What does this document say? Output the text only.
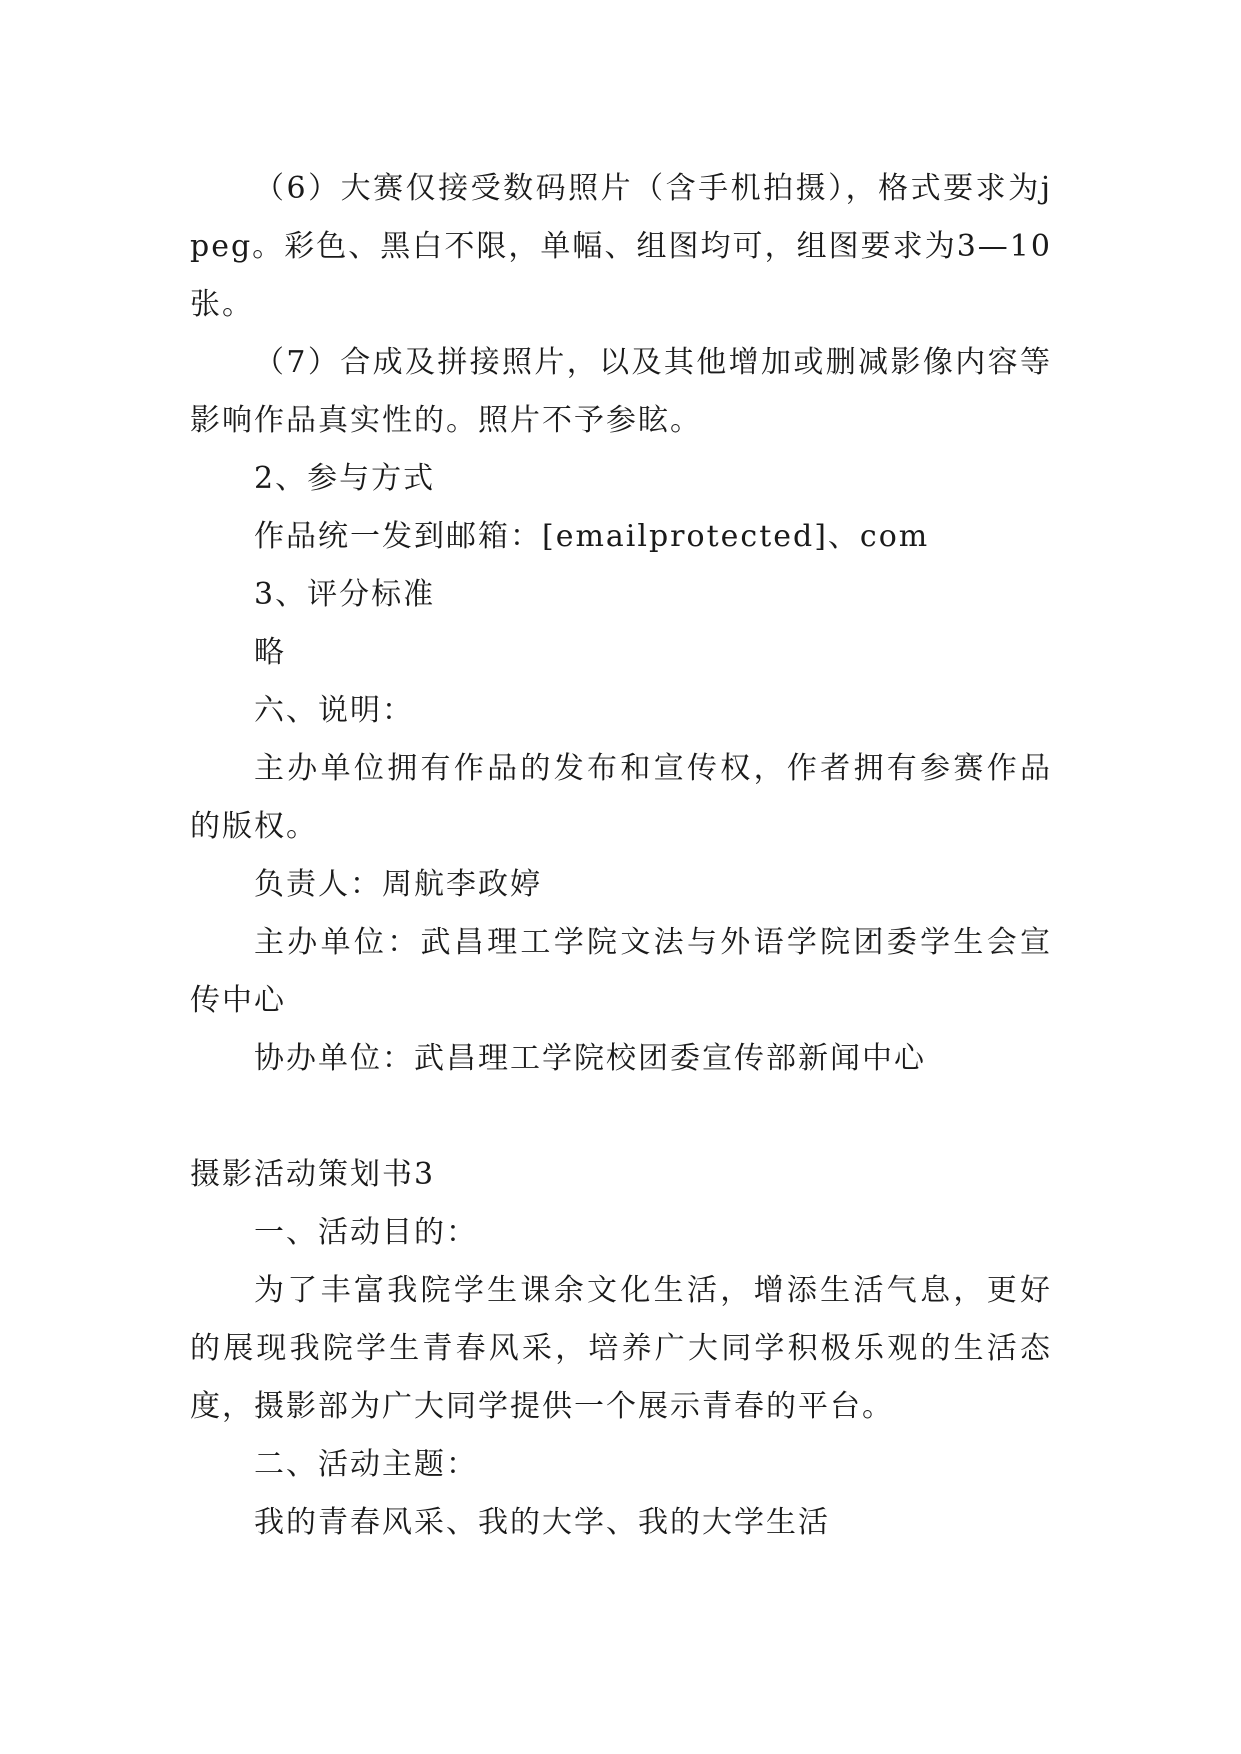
（6）大赛仅接受数码照片（含手机拍摄），格式要求为jpeg。彩色、黑白不限，单幅、组图均可，组图要求为3—10张。

（7）合成及拼接照片，以及其他增加或删减影像内容等影响作品真实性的。照片不予参眩。

2、参与方式

作品统一发到邮箱：[emailprotected]、com

3、评分标准

略

六、说明：

主办单位拥有作品的发布和宣传权，作者拥有参赛作品的版权。

负责人：周航李政婷

主办单位：武昌理工学院文法与外语学院团委学生会宣传中心

协办单位：武昌理工学院校团委宣传部新闻中心

摄影活动策划书3

一、活动目的：

为了丰富我院学生课余文化生活，增添生活气息，更好的展现我院学生青春风采，培养广大同学积极乐观的生活态度，摄影部为广大同学提供一个展示青春的平台。

二、活动主题：

我的青春风采、我的大学、我的大学生活
